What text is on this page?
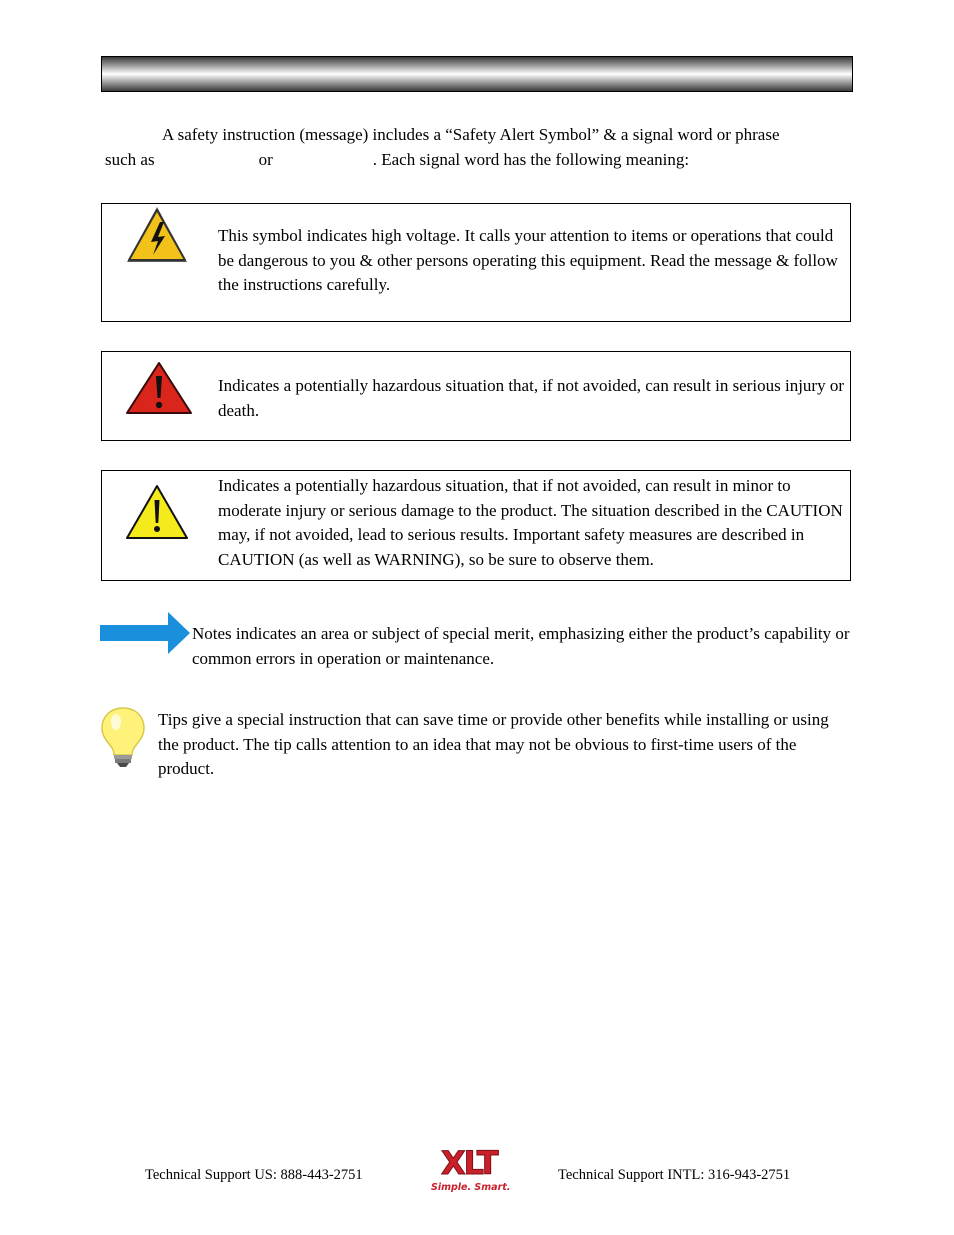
A safety instruction (message) includes a “Safety Alert Symbol” & a signal word or phrase
such as	or	. Each signal word has the following meaning:
This symbol indicates high voltage. It calls your attention to items or operations that could be dangerous to you & other persons operating this equipment. Read the message & follow the instructions carefully.
Indicates a potentially hazardous situation that, if not avoided, can result in serious injury or death.
Indicates a potentially hazardous situation, that if not avoided, can result in minor to moderate injury or serious damage to the product. The situation described in the CAUTION may, if not avoided, lead to serious results. Important safety measures are described in CAUTION (as well as WARNING), so be sure to observe them.
Notes indicates an area or subject of special merit, emphasizing either the product’s capability or common errors in operation or maintenance.
Tips give a special instruction that can save time or provide other benefits while installing or using the product. The tip calls attention to an idea that may not be obvious to first-time users of the product.
Technical Support US: 888-443-2751 XLT
Simple. Smart.
Technical Support INTL: 316-943-2751
